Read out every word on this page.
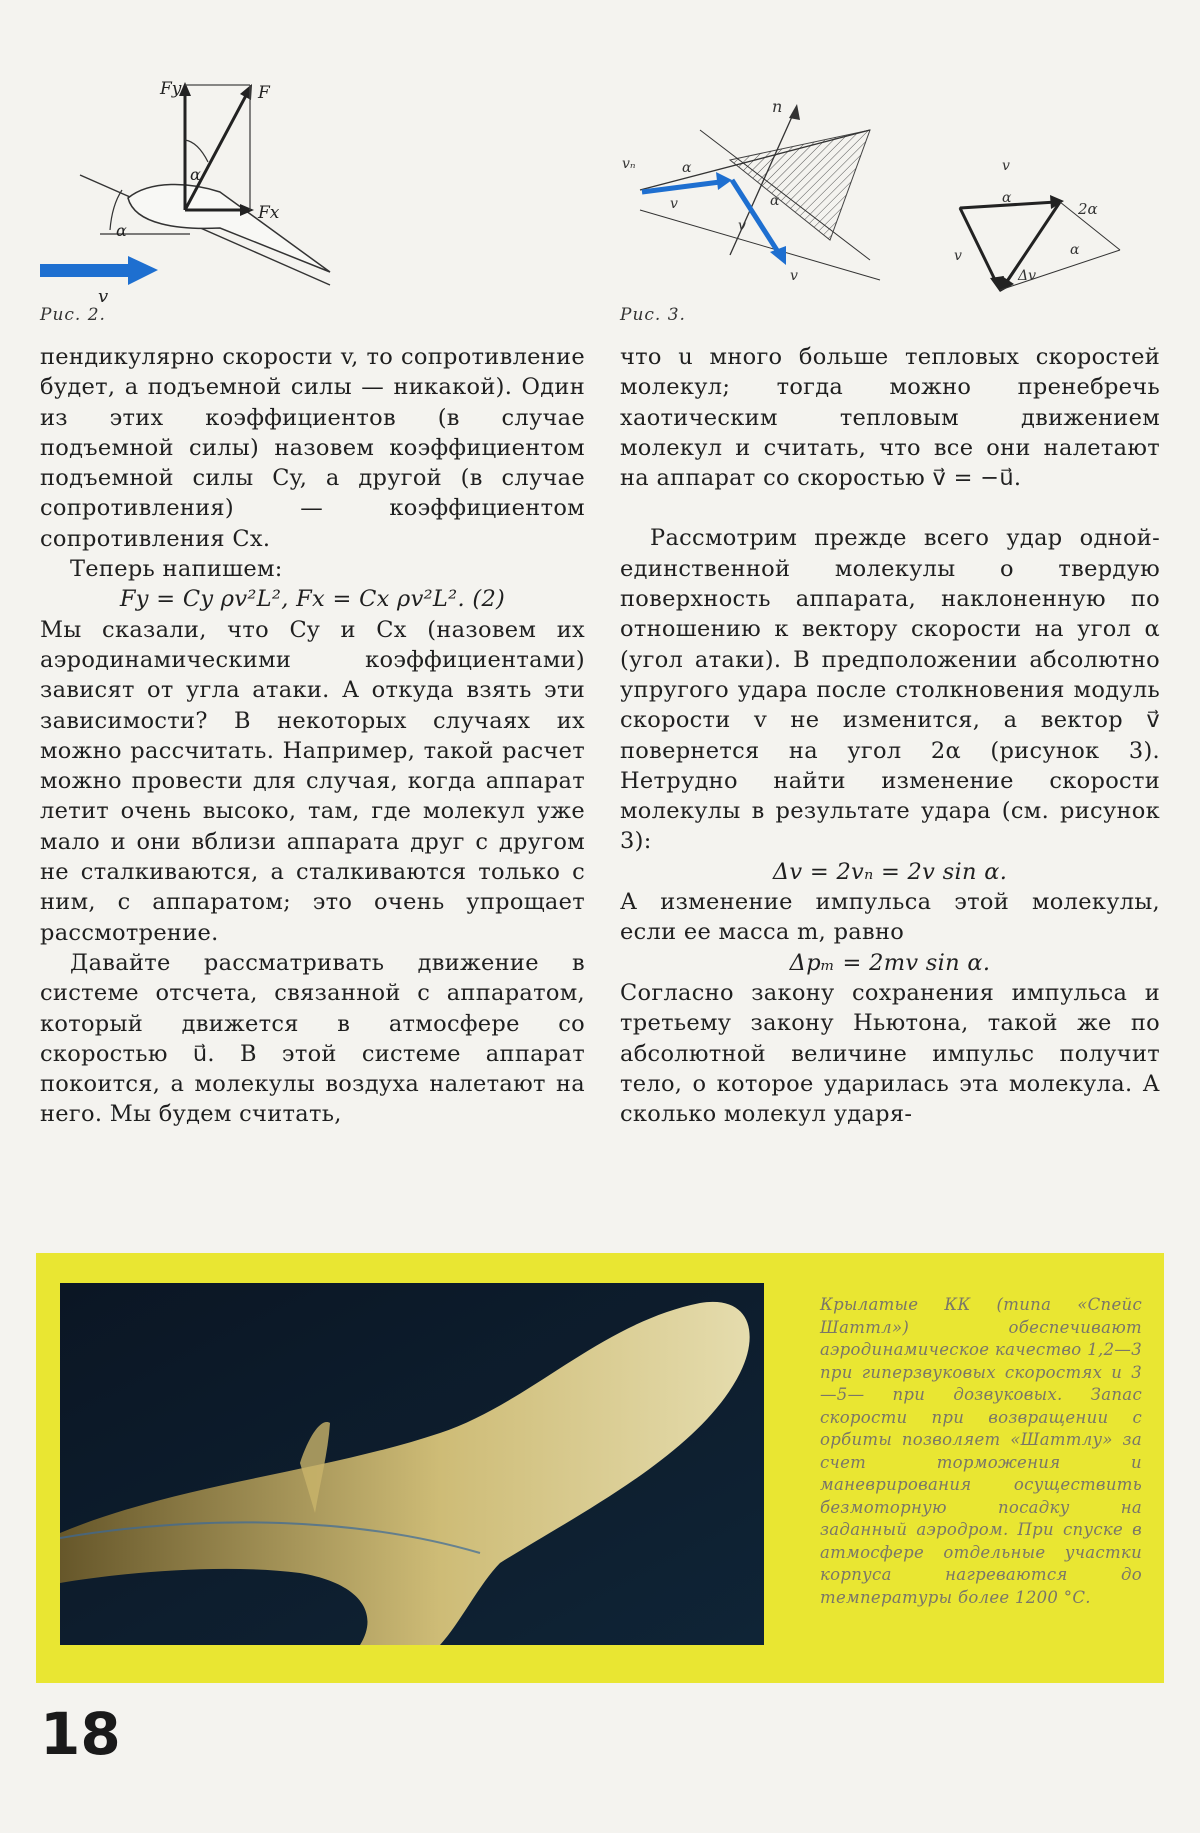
Fy	F
Fx
α
α
v
Рис. 2.
n
vₙ
v
α
α
v
v
v
α
2α
v	α
Δv
Рис. 3.

пендикулярно скорости v, то сопротивление будет, а подъемной силы — никакой). Один из этих коэффициентов (в случае подъемной силы) назовем коэффициентом подъемной силы Cy, а другой (в случае сопротивления) — коэффициентом сопротивления Cx.

Теперь напишем:

Fy = Cy ρv²L², Fx = Cx ρv²L². (2)

Мы сказали, что Cy и Cx (назовем их аэродинамическими коэффициентами) зависят от угла атаки. А откуда взять эти зависимости? В некоторых случаях их можно рассчитать. Например, такой расчет можно провести для случая, когда аппарат летит очень высоко, там, где молекул уже мало и они вблизи аппарата друг с другом не сталкиваются, а сталкиваются только с ним, с аппаратом; это очень упрощает рассмотрение.

Давайте рассматривать движение в системе отсчета, связанной с аппаратом, который движется в атмосфере со скоростью u⃗. В этой системе аппарат покоится, а молекулы воздуха налетают на него. Мы будем считать,

что u много больше тепловых скоростей молекул; тогда можно пренебречь хаотическим тепловым движением молекул и считать, что все они налетают на аппарат со скоростью v⃗ = −u⃗.

Рассмотрим прежде всего удар одной-единственной молекулы о твердую поверхность аппарата, наклоненную по отношению к вектору скорости на угол α (угол атаки). В предположении абсолютно упругого удара после столкновения модуль скорости v не изменится, а вектор v⃗ повернется на угол 2α (рисунок 3). Нетрудно найти изменение скорости молекулы в результате удара (см. рисунок 3):

Δv = 2vₙ = 2v sin α.

А изменение импульса этой молекулы, если ее масса m, равно

Δpₘ = 2mv sin α.

Согласно закону сохранения импульса и третьему закону Ньютона, такой же по абсолютной величине импульс получит тело, о которое ударилась эта молекула. А сколько молекул ударя-

Крылатые КК (типа «Спейс Шаттл») обеспечивают аэродинамическое качество 1,2—3 при гиперзвуковых скоростях и 3—5— при дозвуковых. Запас скорости при возвращении с орбиты позволяет «Шаттлу» за счет торможения и маневрирования осуществить безмоторную посадку на заданный аэродром. При спуске в атмосфере отдельные участки корпуса нагреваются до температуры более 1200 °С.
18
